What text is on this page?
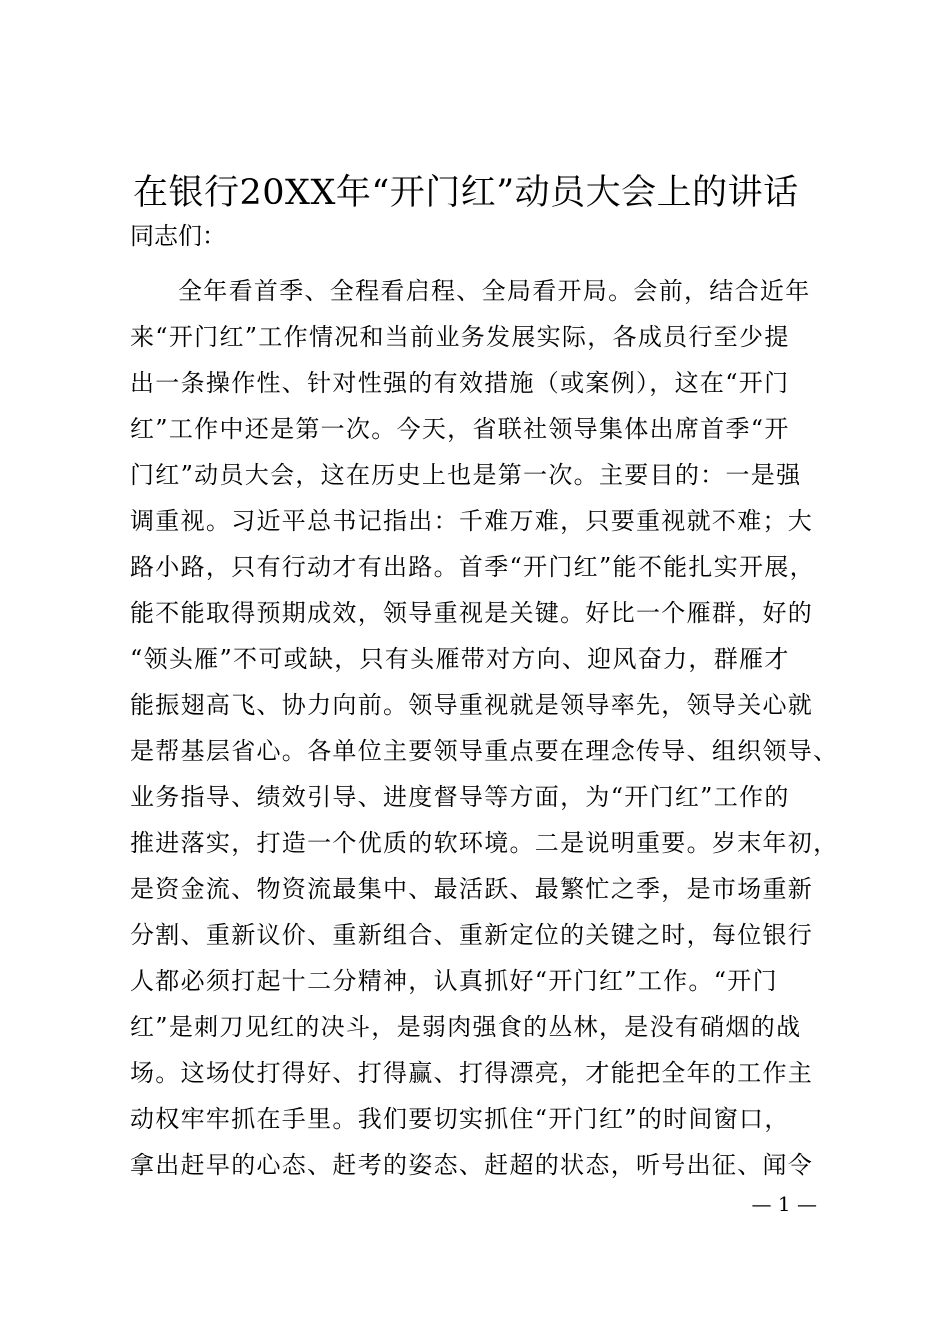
在银行20XX年“开门红”动员大会上的讲话
同志们：
全年看首季、全程看启程、全局看开局。会前，结合近年
来“开门红”工作情况和当前业务发展实际，各成员行至少提
出一条操作性、针对性强的有效措施（或案例），这在“开门
红”工作中还是第一次。今天，省联社领导集体出席首季“开
门红”动员大会，这在历史上也是第一次。主要目的：一是强
调重视。习近平总书记指出：千难万难，只要重视就不难；大
路小路，只有行动才有出路。首季“开门红”能不能扎实开展，
能不能取得预期成效，领导重视是关键。好比一个雁群，好的
“领头雁”不可或缺，只有头雁带对方向、迎风奋力，群雁才
能振翅高飞、协力向前。领导重视就是领导率先，领导关心就
是帮基层省心。各单位主要领导重点要在理念传导、组织领导、
业务指导、绩效引导、进度督导等方面，为“开门红”工作的
推进落实，打造一个优质的软环境。二是说明重要。岁末年初，
是资金流、物资流最集中、最活跃、最繁忙之季，是市场重新
分割、重新议价、重新组合、重新定位的关键之时，每位银行
人都必须打起十二分精神，认真抓好“开门红”工作。“开门
红”是刺刀见红的决斗，是弱肉强食的丛林，是没有硝烟的战
场。这场仗打得好、打得赢、打得漂亮，才能把全年的工作主
动权牢牢抓在手里。我们要切实抓住“开门红”的时间窗口，
拿出赶早的心态、赶考的姿态、赶超的状态，听号出征、闻令
— 1 —
